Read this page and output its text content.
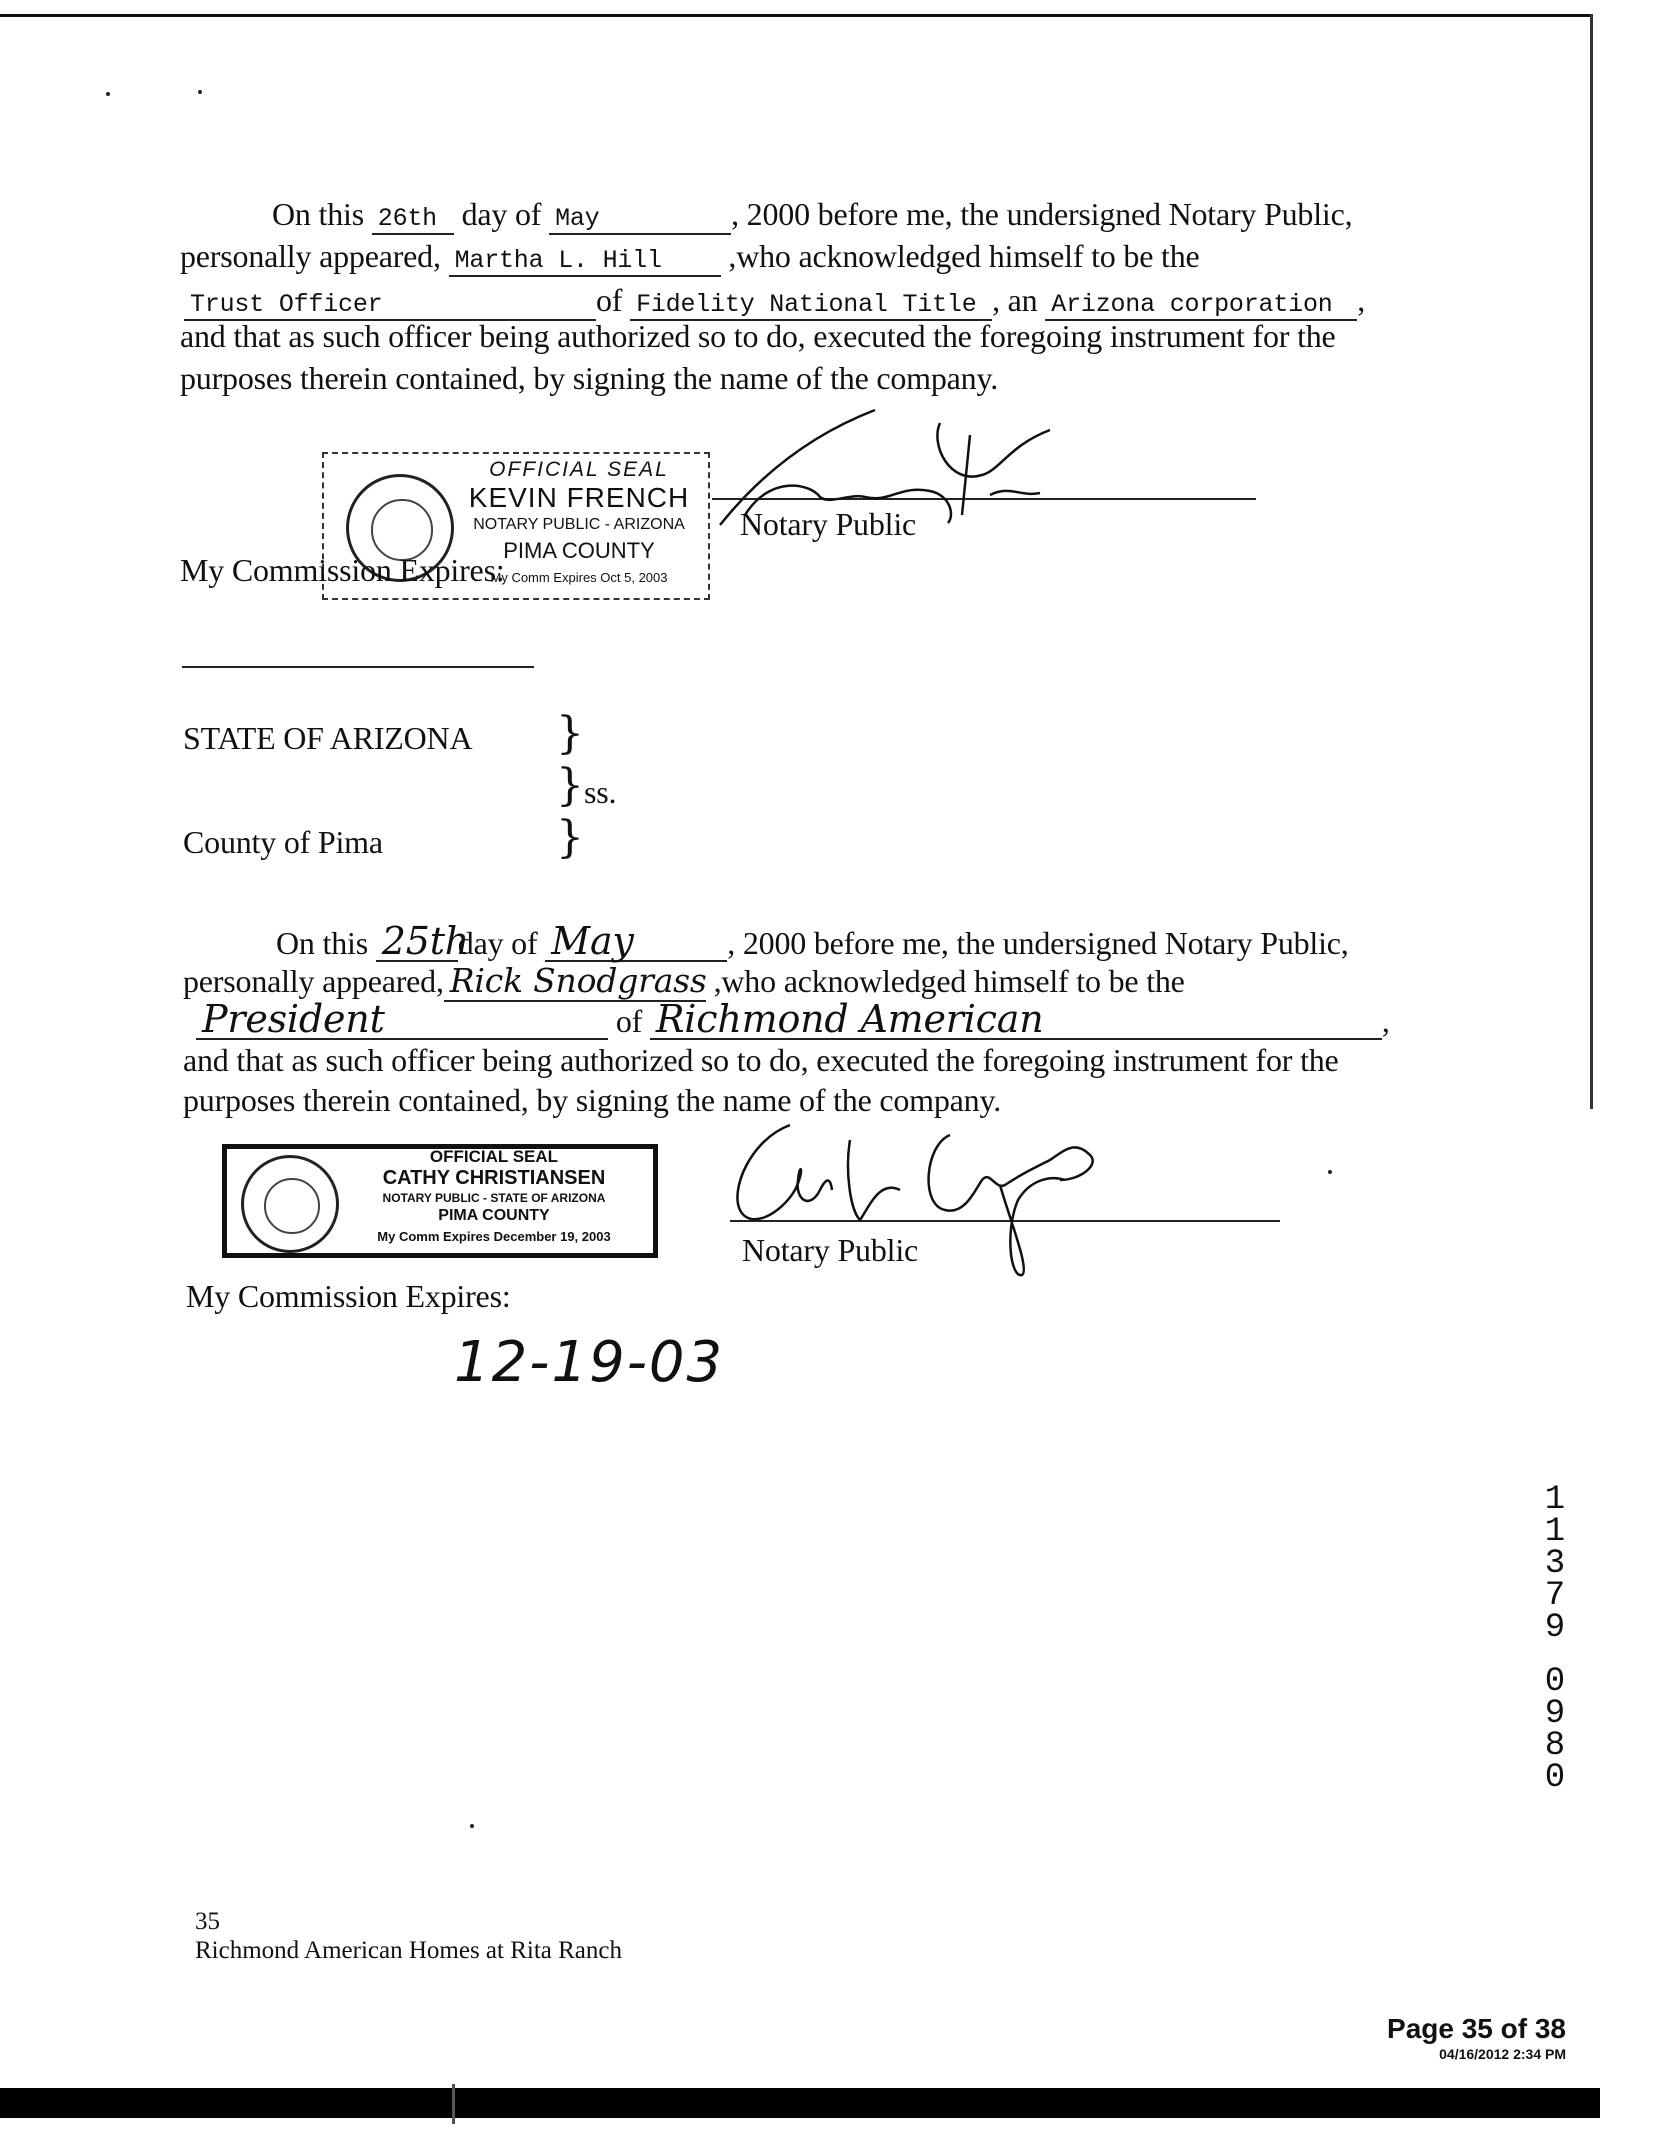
On this 26th day of May	, 2000 before me, the undersigned Notary Public,
personally appeared, Martha L. Hill ,who acknowledged himself to be the
Trust Officer	of Fidelity National Title , an Arizona corporation ,
and that as such officer being authorized so to do, executed the foregoing instrument for the
purposes therein contained, by signing the name of the company.
OFFICIAL SEAL
KEVIN FRENCH
NOTARY PUBLIC - ARIZONA
PIMA COUNTY
My Comm Expires Oct 5, 2003
Notary Public
My Commission Expires:
STATE OF ARIZONA }
} ss.
}
County of Pima
On this 25thday of May	, 2000 before me, the undersigned Notary Public,
personally appeared, Rick Snodgrass ,who acknowledged himself to be the
President	of Richmond American	,
and that as such officer being authorized so to do, executed the foregoing instrument for the
purposes therein contained, by signing the name of the company.
OFFICIAL SEAL
CATHY CHRISTIANSEN
NOTARY PUBLIC - STATE OF ARIZONA
PIMA COUNTY
My Comm Expires December 19, 2003	Notary Public
My Commission Expires:
12-19-03
1
1
3
7
9
0
9
8
0
35
Richmond American Homes at Rita Ranch
Page 35 of 38
04/16/2012 2:34 PM
